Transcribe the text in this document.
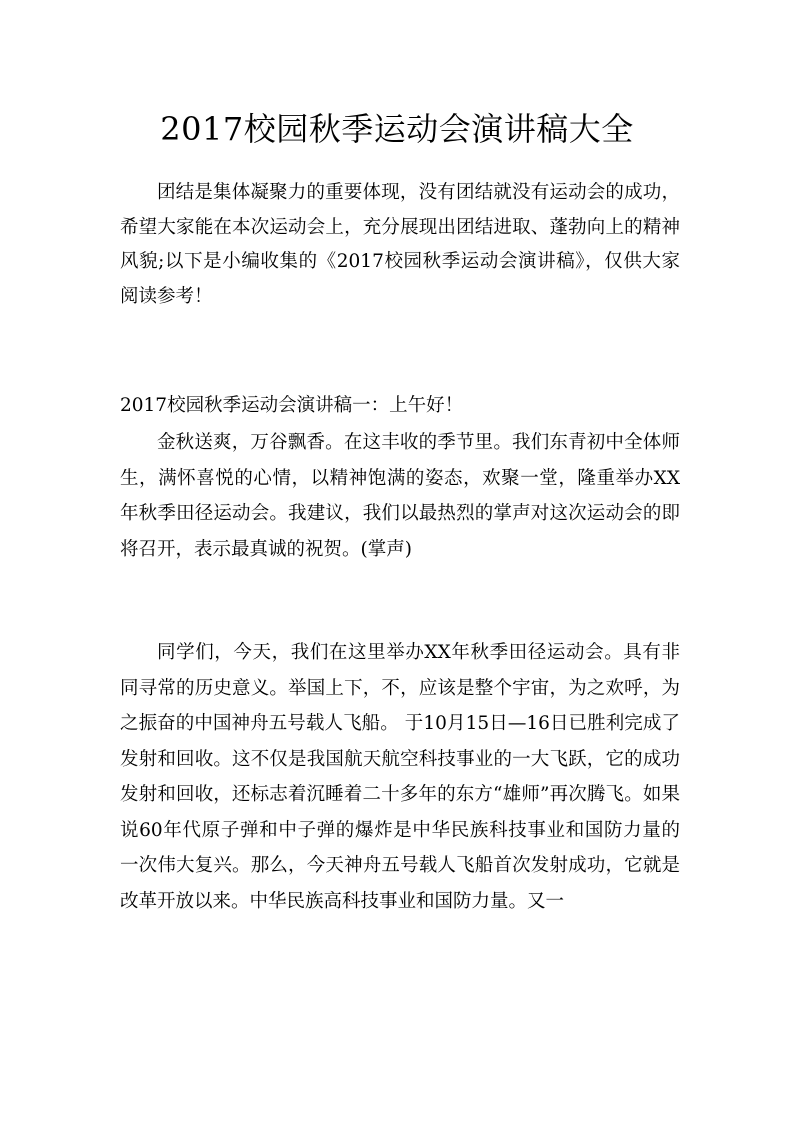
2017校园秋季运动会演讲稿大全

团结是集体凝聚力的重要体现，没有团结就没有运动会的成功，希望大家能在本次运动会上，充分展现出团结进取、蓬勃向上的精神风貌;以下是小编收集的《2017校园秋季运动会演讲稿》，仅供大家阅读参考！

2017校园秋季运动会演讲稿一：上午好！

金秋送爽，万谷飘香。在这丰收的季节里。我们东青初中全体师生，满怀喜悦的心情，以精神饱满的姿态，欢聚一堂，隆重举办XX年秋季田径运动会。我建议，我们以最热烈的掌声对这次运动会的即将召开，表示最真诚的祝贺。(掌声)

同学们，今天，我们在这里举办XX年秋季田径运动会。具有非同寻常的历史意义。举国上下，不，应该是整个宇宙，为之欢呼，为之振奋的中国神舟五号载人飞船。 于10月15日—16日已胜利完成了发射和回收。这不仅是我国航天航空科技事业的一大飞跃，它的成功发射和回收，还标志着沉睡着二十多年的东方“雄师”再次腾飞。如果说60年代原子弹和中子弹的爆炸是中华民族科技事业和国防力量的一次伟大复兴。那么，今天神舟五号载人飞船首次发射成功，它就是改革开放以来。中华民族高科技事业和国防力量。又一
